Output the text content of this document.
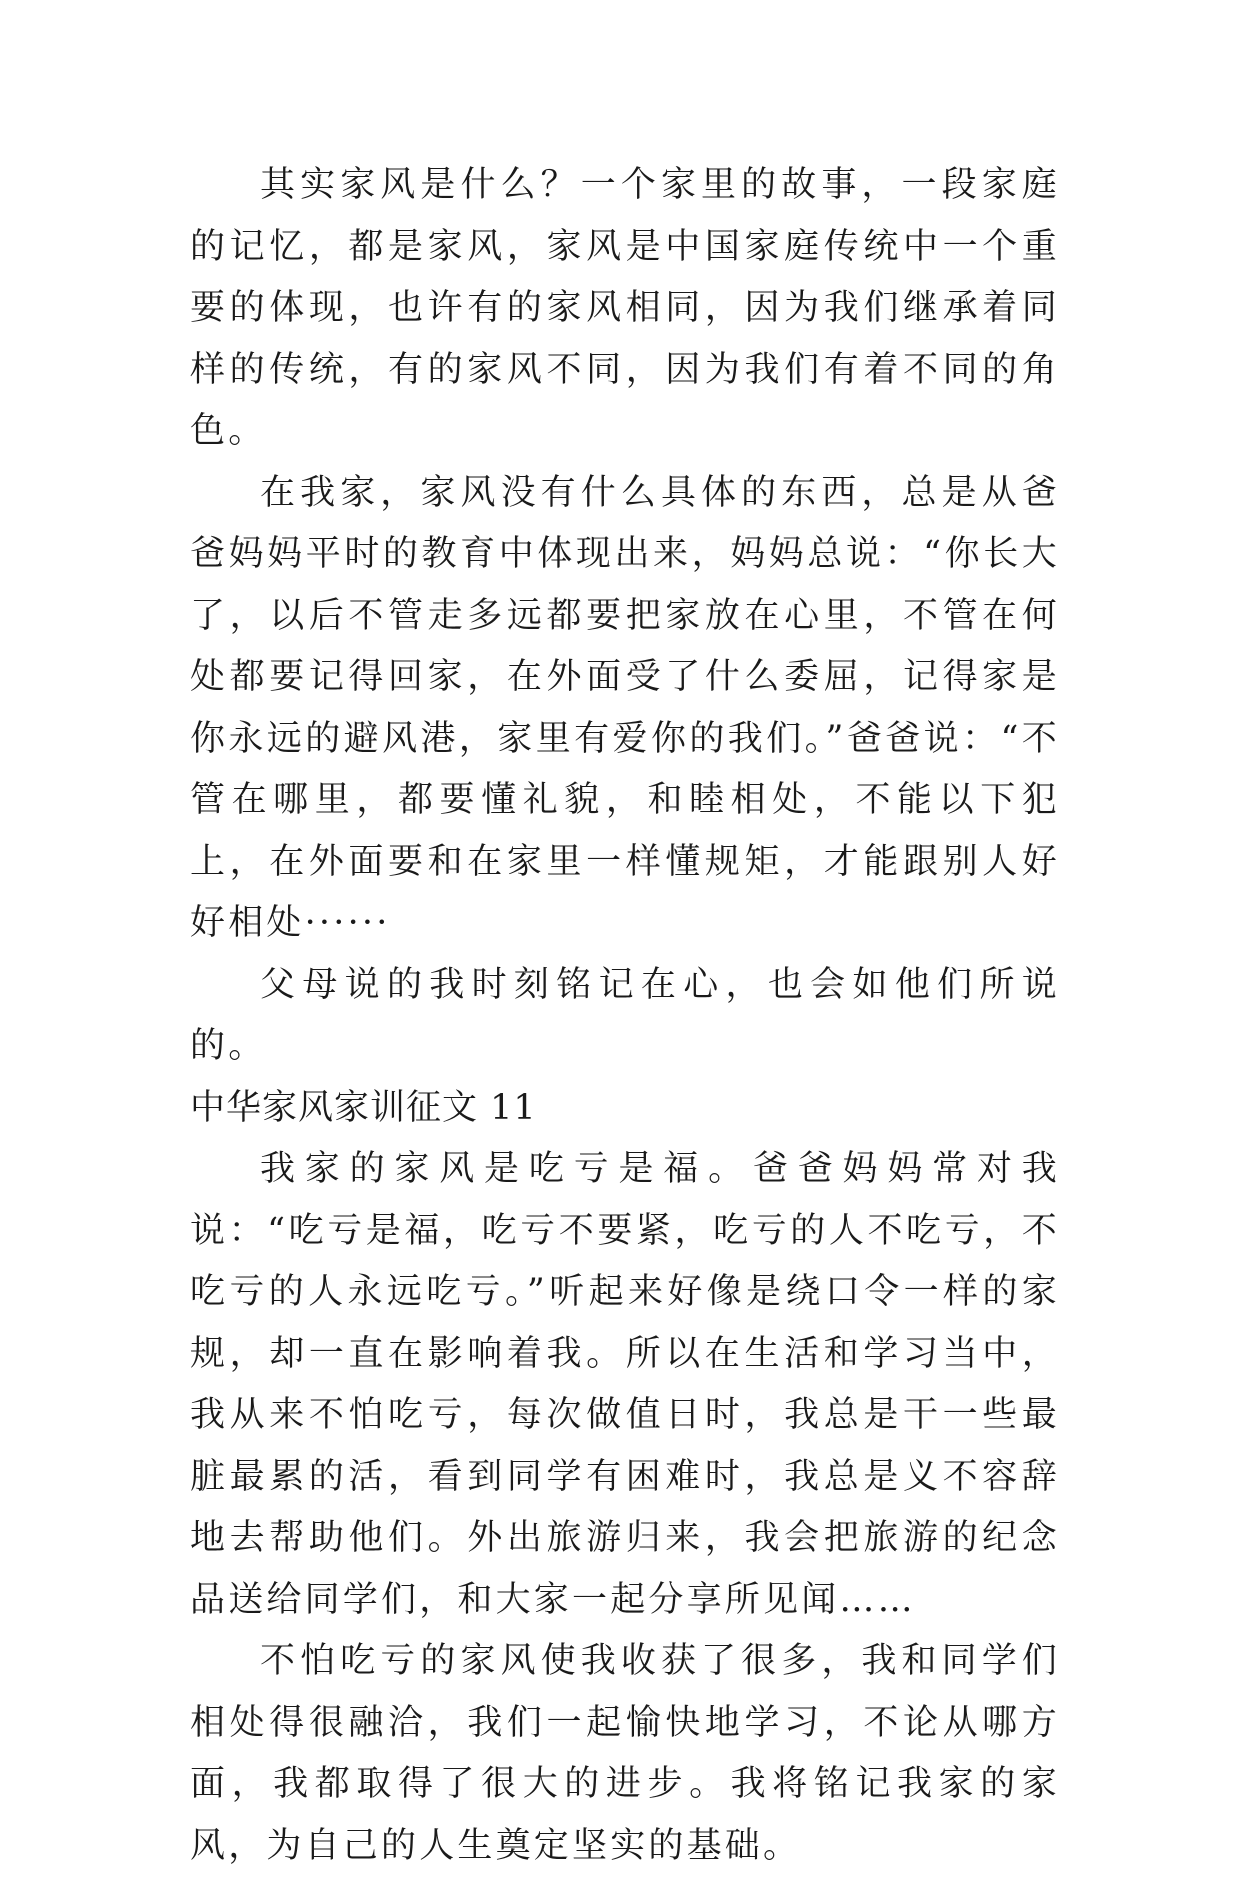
其实家风是什么？一个家里的故事，一段家庭的记忆，都是家风，家风是中国家庭传统中一个重要的体现，也许有的家风相同，因为我们继承着同样的传统，有的家风不同，因为我们有着不同的角色。

在我家，家风没有什么具体的东西，总是从爸爸妈妈平时的教育中体现出来，妈妈总说：“你长大了，以后不管走多远都要把家放在心里，不管在何处都要记得回家，在外面受了什么委屈，记得家是你永远的避风港，家里有爱你的我们。”爸爸说：“不管在哪里，都要懂礼貌，和睦相处，不能以下犯上，在外面要和在家里一样懂规矩，才能跟别人好好相处······

父母说的我时刻铭记在心，也会如他们所说的。

中华家风家训征文 11

我家的家风是吃亏是福。爸爸妈妈常对我说：“吃亏是福，吃亏不要紧，吃亏的人不吃亏，不吃亏的人永远吃亏。”听起来好像是绕口令一样的家规，却一直在影响着我。所以在生活和学习当中，我从来不怕吃亏，每次做值日时，我总是干一些最脏最累的活，看到同学有困难时，我总是义不容辞地去帮助他们。外出旅游归来，我会把旅游的纪念品送给同学们，和大家一起分享所见闻……

不怕吃亏的家风使我收获了很多，我和同学们相处得很融洽，我们一起愉快地学习，不论从哪方面，我都取得了很大的进步。我将铭记我家的家风，为自己的人生奠定坚实的基础。
